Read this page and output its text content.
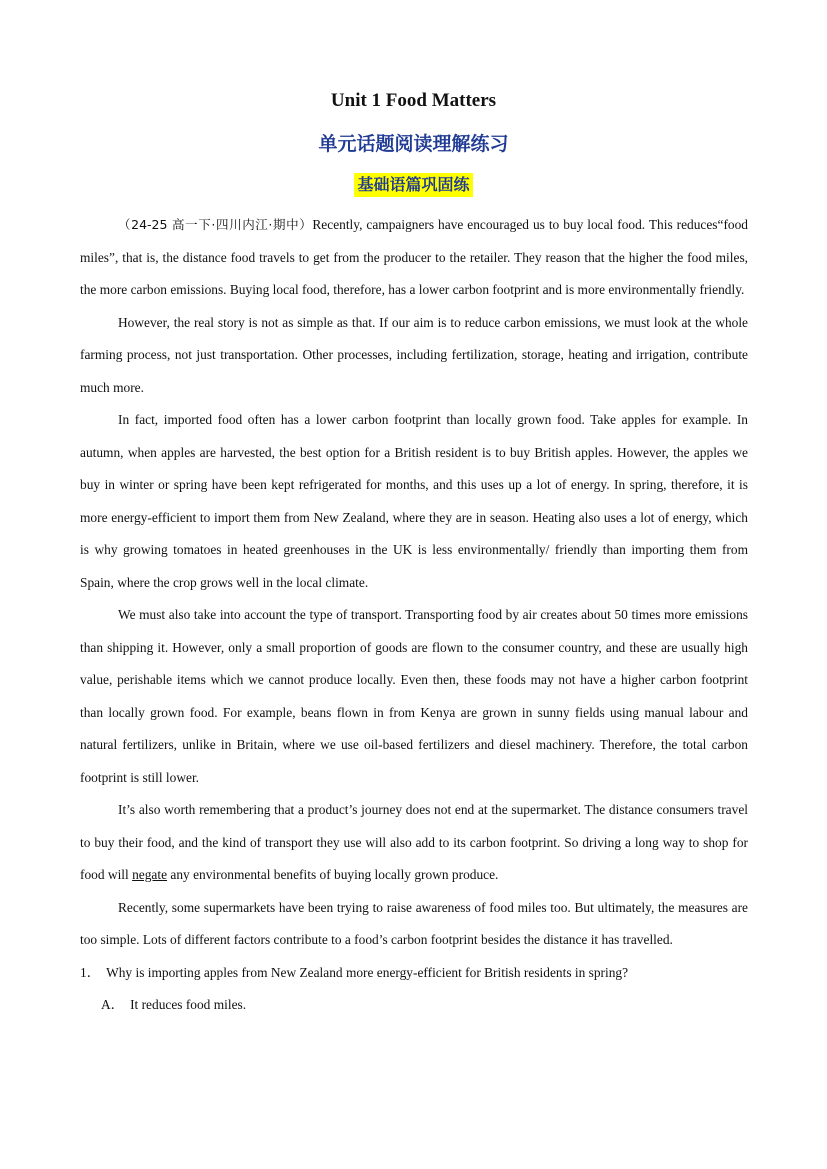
Unit 1 Food Matters
单元话题阅读理解练习
基础语篇巩固练

（24-25 高一下·四川内江·期中）Recently, campaigners have encouraged us to buy local food. This reduces“food miles”, that is, the distance food travels to get from the producer to the retailer. They reason that the higher the food miles, the more carbon emissions. Buying local food, therefore, has a lower carbon footprint and is more environmentally friendly.

However, the real story is not as simple as that. If our aim is to reduce carbon emissions, we must look at the whole farming process, not just transportation. Other processes, including fertilization, storage, heating and irrigation, contribute much more.

In fact, imported food often has a lower carbon footprint than locally grown food. Take apples for example. In autumn, when apples are harvested, the best option for a British resident is to buy British apples. However, the apples we buy in winter or spring have been kept refrigerated for months, and this uses up a lot of energy. In spring, therefore, it is more energy-efficient to import them from New Zealand, where they are in season. Heating also uses a lot of energy, which is why growing tomatoes in heated greenhouses in the UK is less environmentally/ friendly than importing them from Spain, where the crop grows well in the local climate.

We must also take into account the type of transport. Transporting food by air creates about 50 times more emissions than shipping it. However, only a small proportion of goods are flown to the consumer country, and these are usually high value, perishable items which we cannot produce locally. Even then, these foods may not have a higher carbon footprint than locally grown food. For example, beans flown in from Kenya are grown in sunny fields using manual labour and natural fertilizers, unlike in Britain, where we use oil-based fertilizers and diesel machinery. Therefore, the total carbon footprint is still lower.

It’s also worth remembering that a product’s journey does not end at the supermarket. The distance consumers travel to buy their food, and the kind of transport they use will also add to its carbon footprint. So driving a long way to shop for food will negate any environmental benefits of buying locally grown produce.

Recently, some supermarkets have been trying to raise awareness of food miles too. But ultimately, the measures are too simple. Lots of different factors contribute to a food’s carbon footprint besides the distance it has travelled.

1． Why is importing apples from New Zealand more energy-efficient for British residents in spring?

A． It reduces food miles.
